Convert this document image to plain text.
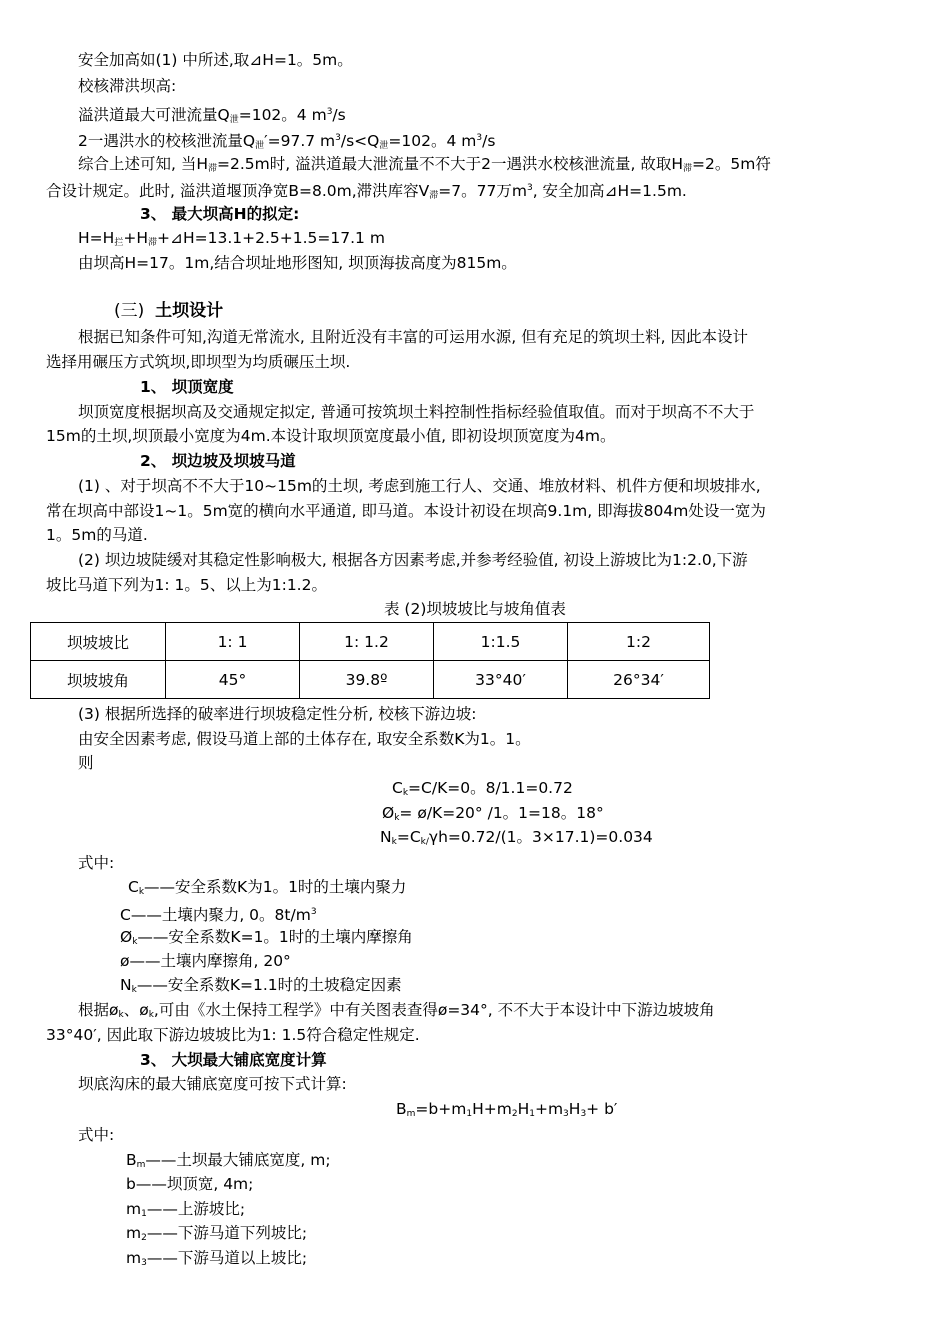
安全加高如(1) 中所述,取⊿H=1。5m。
校核滞洪坝高:
溢洪道最大可泄流量$Q_泄=102$。4 $m^3/s$
2一遇洪水的校核泄流量$Q_泄'=97.7$ $m^3/s<Q_泄=102$。4 $m^3/s$
综合上述可知, 当$H_滞=2.5m$时, 溢洪道最大泄流量不不大于2一遇洪水校核泄流量, 故取$H_滞=2$。5m符
合设计规定。此时, 溢洪道堰顶净宽B=8.0m,滞洪库容$V_滞=7$。77万$m^3$, 安全加高⊿H=1.5m.
3、 最大坝高H的拟定:
$H=H_拦+H_滞+⊿H=13.1+2.5+1.5=17.1$ m
由坝高H=17。1m,结合坝址地形图知, 坝顶海拔高度为815m。
(三) 土坝设计
根据已知条件可知,沟道无常流水, 且附近没有丰富的可运用水源, 但有充足的筑坝土料, 因此本设计
选择用碾压方式筑坝,即坝型为均质碾压土坝.
1、 坝顶宽度
坝顶宽度根据坝高及交通规定拟定, 普通可按筑坝土料控制性指标经验值取值。而对于坝高不不大于
15m的土坝,坝顶最小宽度为4m.本设计取坝顶宽度最小值, 即初设坝顶宽度为4m。
2、 坝边坡及坝坡马道
(1) 、对于坝高不不大于10~15m的土坝, 考虑到施工行人、交通、堆放材料、机件方便和坝坡排水,
常在坝高中部设1~1。5m宽的横向水平通道, 即马道。本设计初设在坝高9.1m, 即海拔804m处设一宽为
1。5m的马道.
(2) 坝边坡陡缓对其稳定性影响极大, 根据各方因素考虑,并参考经验值, 初设上游坡比为1:2.0,下游
坡比马道下列为1: 1。5、以上为1:1.2。
表 (2)坝坡坡比与坡角值表
坝坡坡比	1: 1	1: 1.2	1:1.5	1:2
坝坡坡角	45°	39.8º	33°40′	26°34′
(3) 根据所选择的破率进行坝坡稳定性分析, 校核下游边坡:
由安全因素考虑, 假设马道上部的土体存在, 取安全系数K为1。1。
则
$C_k=C/K=0$。8/1.1=0.72
$Ø_k=$ ø/K=20° /1。1=18。18°
$N_k=C_{k/}\gamma h=0.72/(1$。3×17.1)=0.034
式中:
$C_k——$安全系数K为1。1时的土壤内聚力
C——土壤内聚力, 0。$8t/m^3$
$Ø_k——$安全系数K=1。1时的土壤内摩擦角
ø——土壤内摩擦角, 20°
$N_k——$安全系数K=1.1时的土坡稳定因素
根据$ø_k$、$ø_k$,可由《水土保持工程学》中有关图表查得ø=34°, 不不大于本设计中下游边坡坡角
33°40′, 因此取下游边坡坡比为1: 1.5符合稳定性规定.
3、 大坝最大铺底宽度计算
坝底沟床的最大铺底宽度可按下式计算:
$B_m=b+m_1H+m_2H_1+m_3H_3+ b'$
式中:
$B_m——$土坝最大铺底宽度, m;
b——坝顶宽, 4m;
$m_1——$上游坡比;
$m_2——$下游马道下列坡比;
$m_3——$下游马道以上坡比;
